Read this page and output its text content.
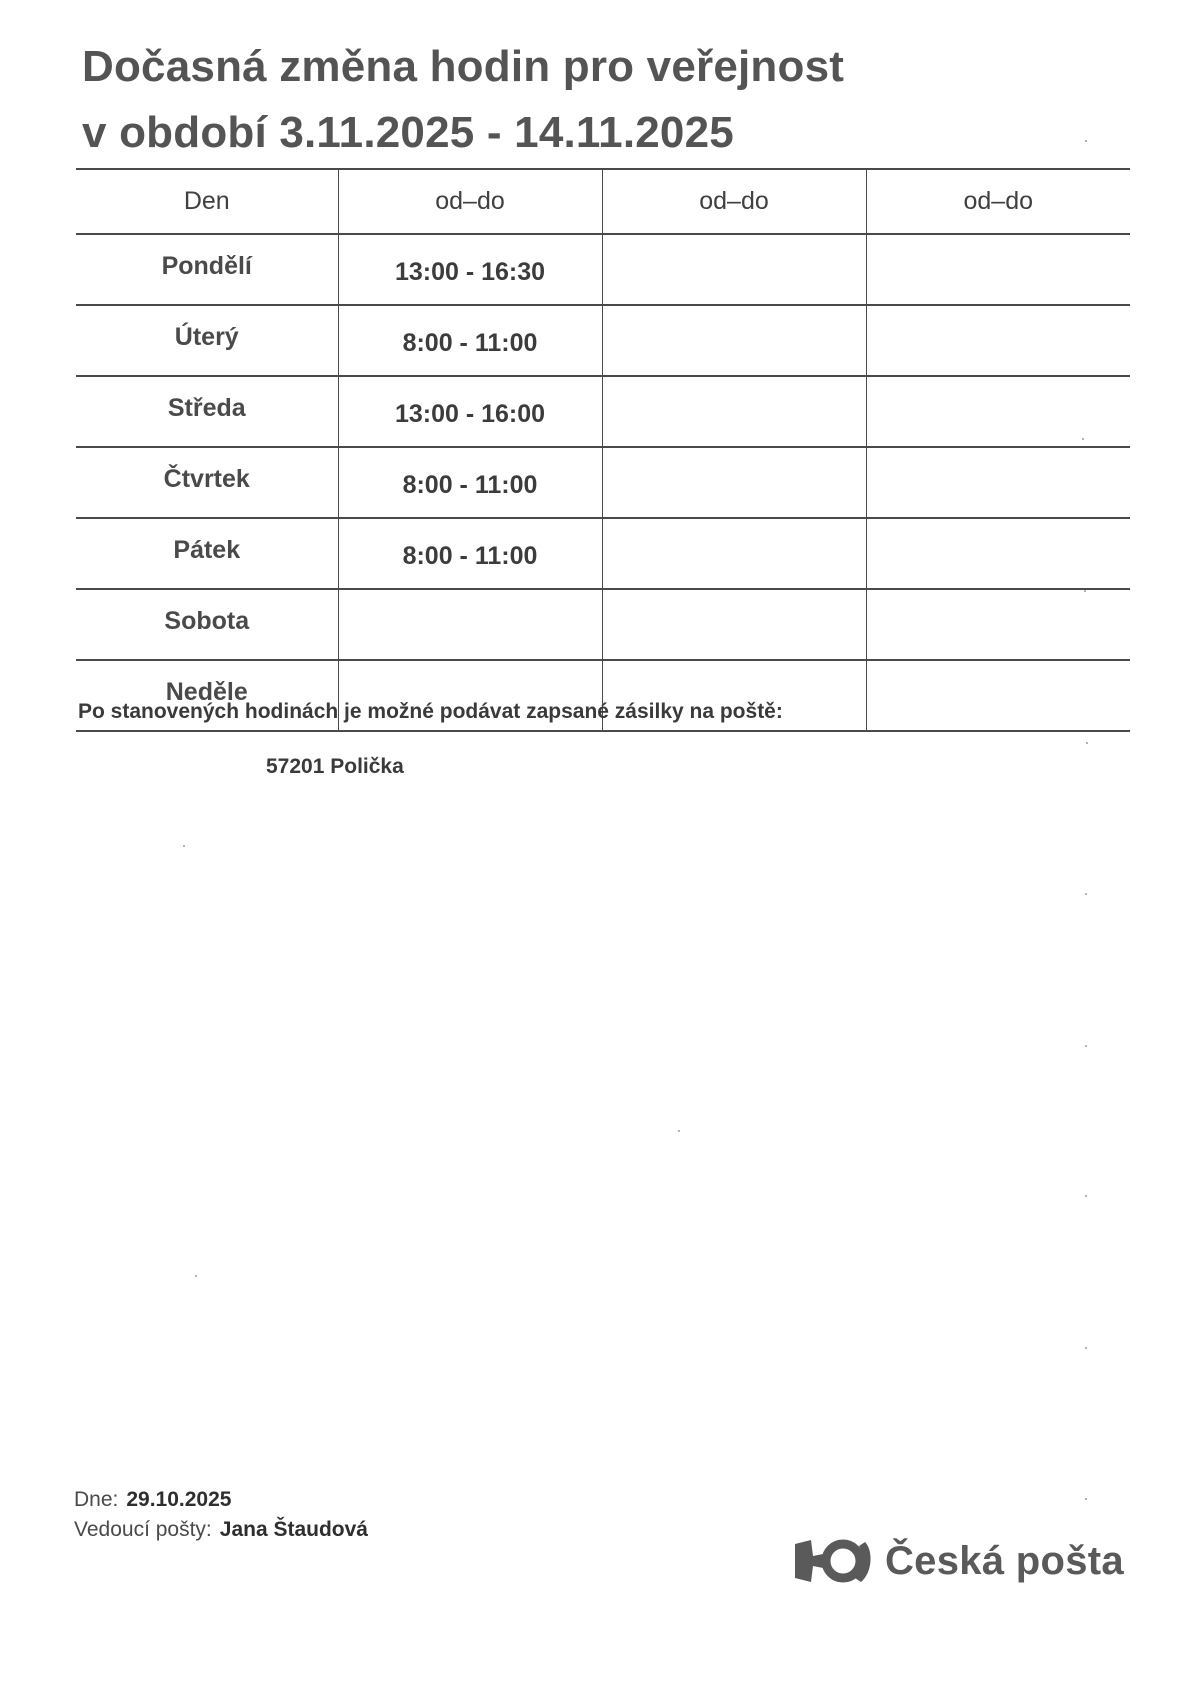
Dočasná změna hodin pro veřejnost
v období 3.11.2025 - 14.11.2025
Den	od–do	od–do	od–do
Pondělí	13:00 - 16:30		
Úterý	8:00 - 11:00		
Středa	13:00 - 16:00		
Čtvrtek	8:00 - 11:00		
Pátek	8:00 - 11:00		
Sobota			
Neděle			
Po stanovených hodinách je možné podávat zapsané zásilky na poště:
57201 Polička
Dne: 29.10.2025
Vedoucí pošty: Jana Štaudová
Česká pošta
